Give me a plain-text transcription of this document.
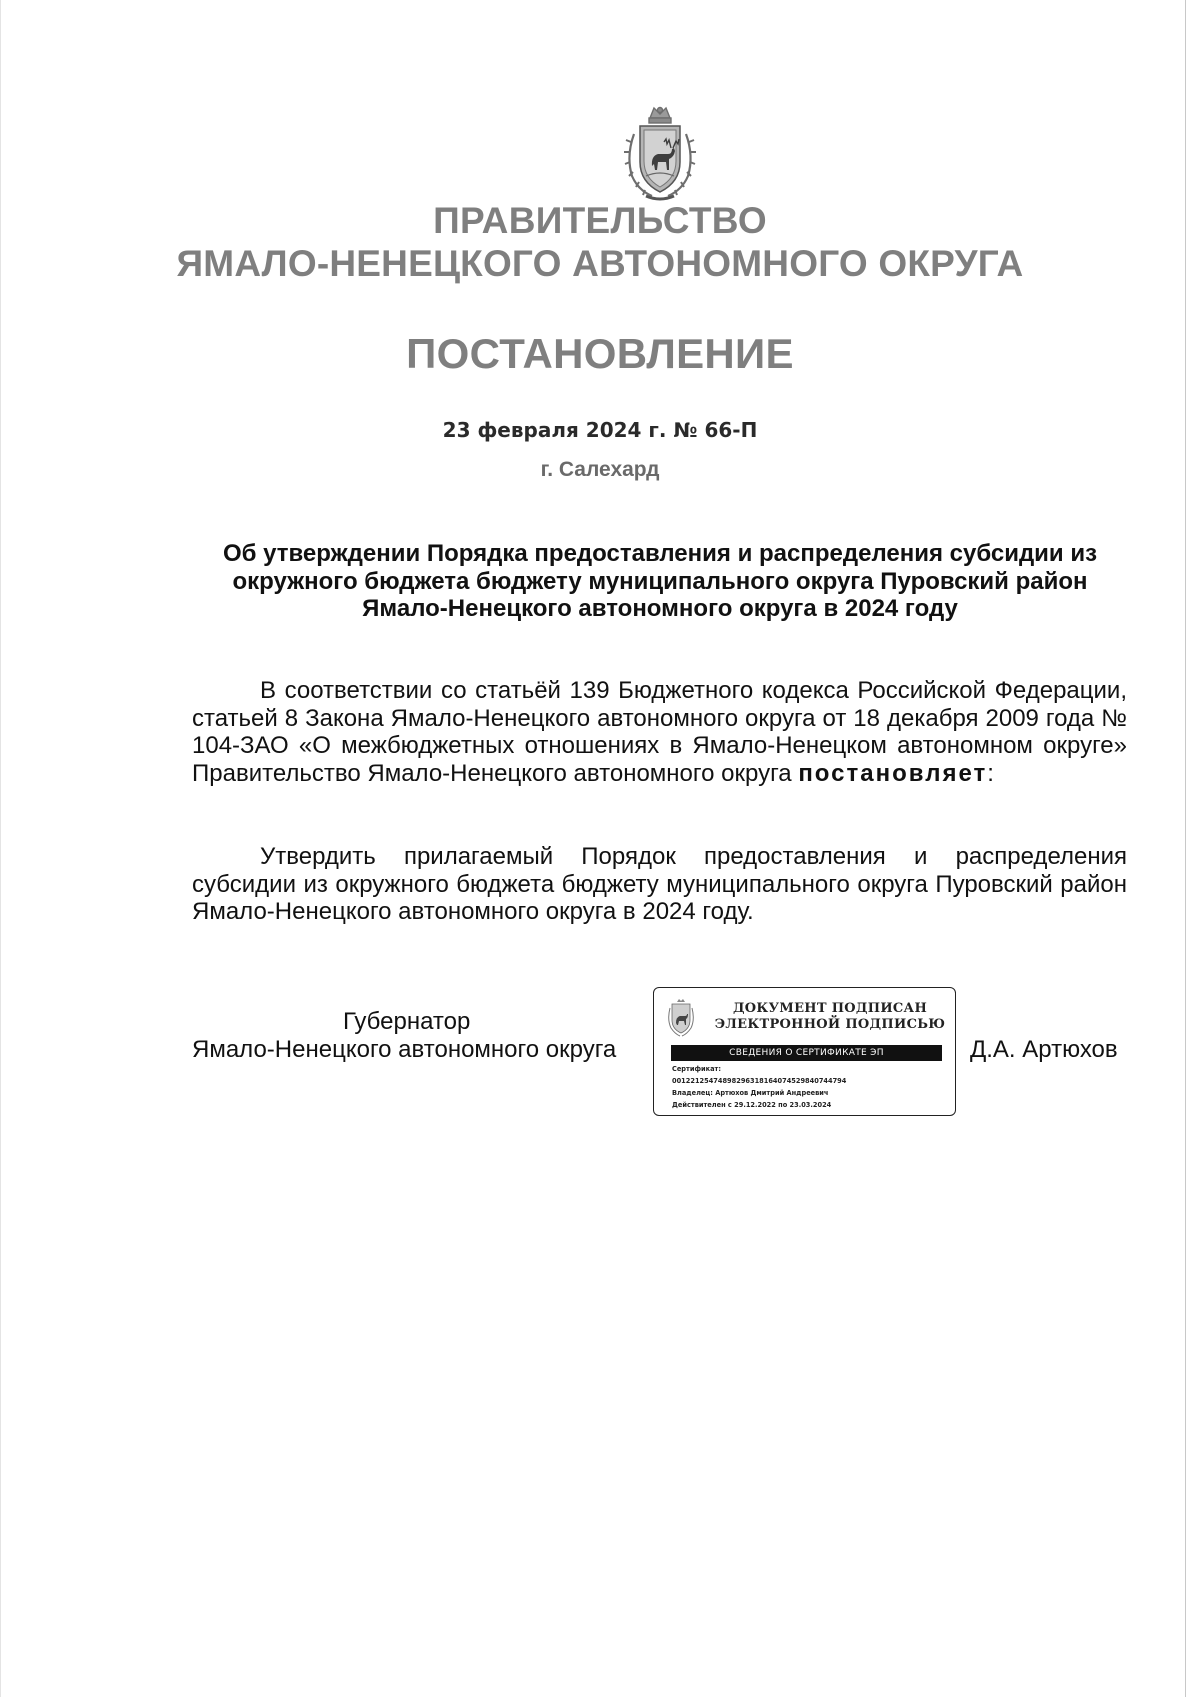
ПРАВИТЕЛЬСТВО
ЯМАЛО-НЕНЕЦКОГО АВТОНОМНОГО ОКРУГА
ПОСТАНОВЛЕНИЕ
23 февраля 2024 г. № 66-П
г. Салехард
Об утверждении Порядка предоставления и распределения субсидии из окружного бюджета бюджету муниципального округа Пуровский район Ямало-Ненецкого автономного округа в 2024 году
В соответствии со статьёй 139 Бюджетного кодекса Российской Федерации, статьей 8 Закона Ямало-Ненецкого автономного округа от 18 декабря 2009 года № 104-ЗАО «О межбюджетных отношениях в Ямало-Ненецком автономном округе» Правительство Ямало-Ненецкого автономного округа постановляет:
Утвердить прилагаемый Порядок предоставления и распределения субсидии из окружного бюджета бюджету муниципального округа Пуровский район Ямало-Ненецкого автономного округа в 2024 году.
Губернатор
Ямало-Ненецкого автономного округа
ДОКУМЕНТ ПОДПИСАН
ЭЛЕКТРОННОЙ ПОДПИСЬЮ
СВЕДЕНИЯ О СЕРТИФИКАТЕ ЭП
Сертификат:
00122125474898296318164074529840744794
Владелец: Артюхов Дмитрий Андреевич
Действителен с 29.12.2022 по 23.03.2024
Д.А. Артюхов
